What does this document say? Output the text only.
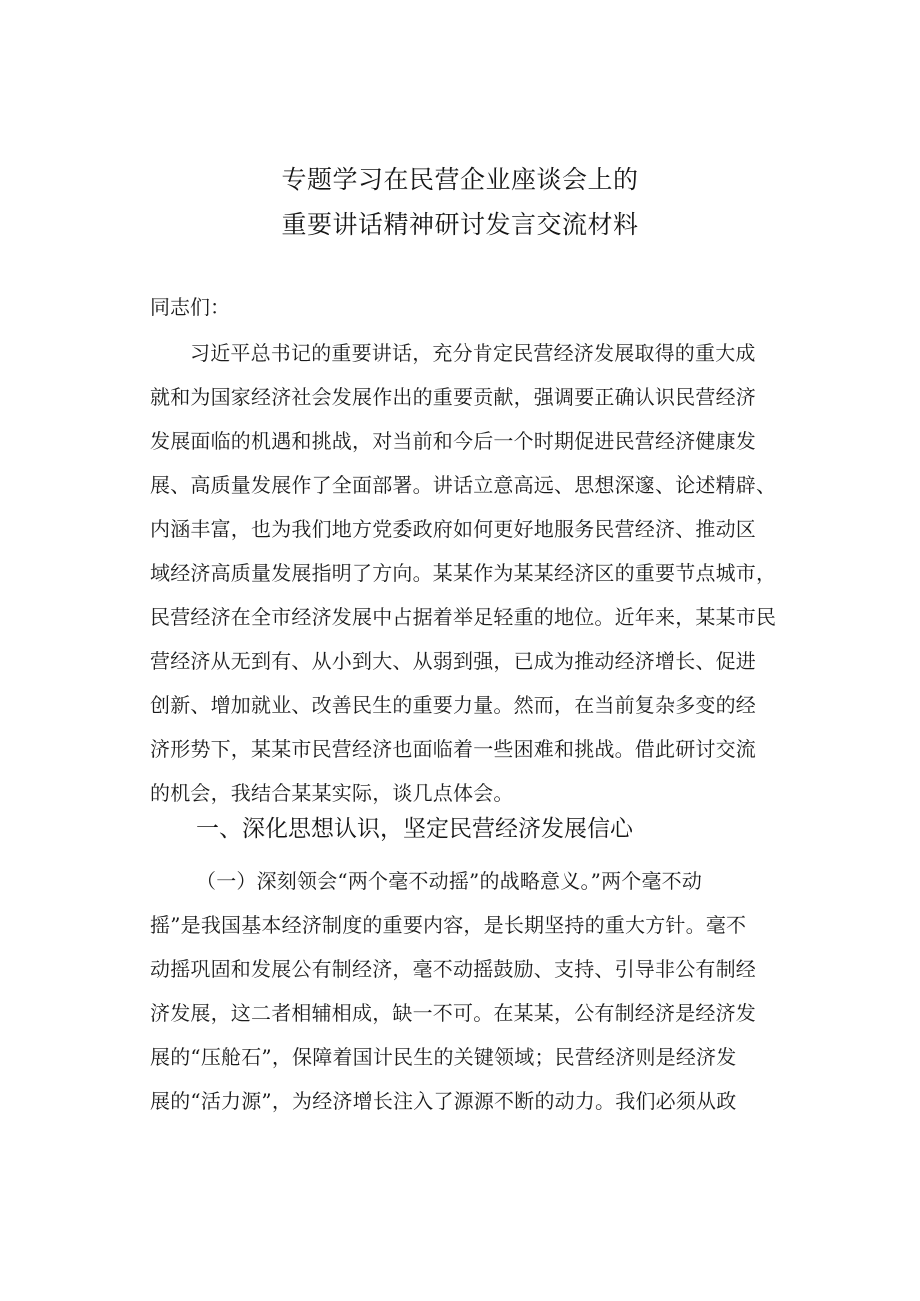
专题学习在民营企业座谈会上的
重要讲话精神研讨发言交流材料
同志们：
习近平总书记的重要讲话，充分肯定民营经济发展取得的重大成
就和为国家经济社会发展作出的重要贡献，强调要正确认识民营经济
发展面临的机遇和挑战，对当前和今后一个时期促进民营经济健康发
展、高质量发展作了全面部署。讲话立意高远、思想深邃、论述精辟、
内涵丰富，也为我们地方党委政府如何更好地服务民营经济、推动区
域经济高质量发展指明了方向。某某作为某某经济区的重要节点城市，
民营经济在全市经济发展中占据着举足轻重的地位。近年来，某某市民
营经济从无到有、从小到大、从弱到强，已成为推动经济增长、促进
创新、增加就业、改善民生的重要力量。然而，在当前复杂多变的经
济形势下，某某市民营经济也面临着一些困难和挑战。借此研讨交流
的机会，我结合某某实际，谈几点体会。
一、深化思想认识，坚定民营经济发展信心
（一）深刻领会“两个毫不动摇”的战略意义。”两个毫不动
摇”是我国基本经济制度的重要内容，是长期坚持的重大方针。毫不
动摇巩固和发展公有制经济，毫不动摇鼓励、支持、引导非公有制经
济发展，这二者相辅相成，缺一不可。在某某，公有制经济是经济发
展的“压舱石”，保障着国计民生的关键领域；民营经济则是经济发
展的“活力源”，为经济增长注入了源源不断的动力。我们必须从政
